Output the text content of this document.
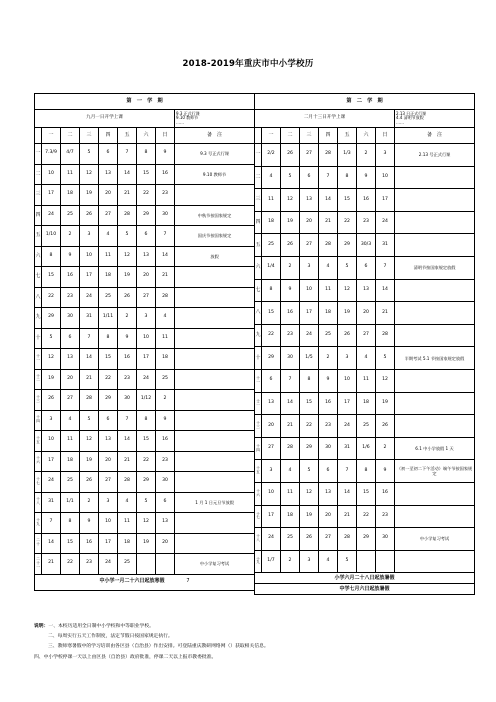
2018-2019年重庆市中小学校历
第　一　学　期								
九月一日开学上课								9.3 正式行课
9.10 教师节
……
	一	二	三	四	五	六	日	备　注
一	7.3/9	4/7	5	6	7	8	9	9.3 号正式行课
二	10	11	12	13	14	15	16	9.10 教师节
三	17	18	19	20	21	22	23	
四	24	25	26	27	28	29	30	中秋节按国家规定
五	1/10	2	3	4	5	6	7	国庆节按国家规定
六	8	9	10	11	12	13	14	放假
七	15	16	17	18	19	20	21	
八	22	23	24	25	26	27	28	
九	29	30	31	1/11	2	3	4	
十	5	6	7	8	9	10	11	
十一	12	13	14	15	16	17	18	
十二	19	20	21	22	23	24	25	
十三	26	27	28	29	30	1/12	2	
十四	3	4	5	6	7	8	9	
十五	10	11	12	13	14	15	16	
十六	17	18	19	20	21	22	23	
十七	24	25	26	27	28	29	30	
十八	31	1/1	2	3	4	5	6	1 月 1 日元旦节放假
十九	7	8	9	10	11	12	13	
二十	14	15	16	17	18	19	20	
二十一	21	22	23	24	25			中小学复习考试
中小学一月二十六日起放寒假 7								
第　二　学　期								
二月十三日开学上课								2.13 日正式行课
4.4 清明节放假
……
	一	二	三	四	五	六	日	备　注
一	2/2	26	27	28	1/3	2	3	2.13 号正式行课
二	4	5	6	7	8	9	10	
三	11	12	13	14	15	16	17	
四	18	19	20	21	22	23	24	
五	25	26	27	28	29	30/3	31	
六	1/4	2	3	4	5	6	7	清明节按国家规定放假
七	8	9	10	11	12	13	14	
八	15	16	17	18	19	20	21	
九	22	23	24	25	26	27	28	
十	29	30	1/5	2	3	4	5	半期考试 5.1 节按国家规定放假
十一	6	7	8	9	10	11	12	
十二	13	14	15	16	17	18	19	
十三	20	21	22	23	24	25	26	
十四	27	28	29	30	31	1/6	2	6.1 中小学放假 1 天
十五	3	4	5	6	7	8	9	（初一至初二下午活动）端午节按国家规定
十六	10	11	12	13	14	15	16	
十七	17	18	19	20	21	22	23	
十八	24	25	26	27	28	29	30	中小学复习考试
十九	1/7	2	3	4	5			
小学六月二十八日起放暑假								
中学七月六日起放暑假								
说明：一、本校历适用全日制中小学校和中等职业学校。
二、每周实行五天工作制度，法定节假日按国家规定执行。
三、教师寒暑假中的学习培训由各区县（自治县）作出安排。可登陆重庆教研网络网（）获取相关信息。
四、中小学校停课一天以上由区县（自治县）政府批准，停课二天以上报市教委批准。
